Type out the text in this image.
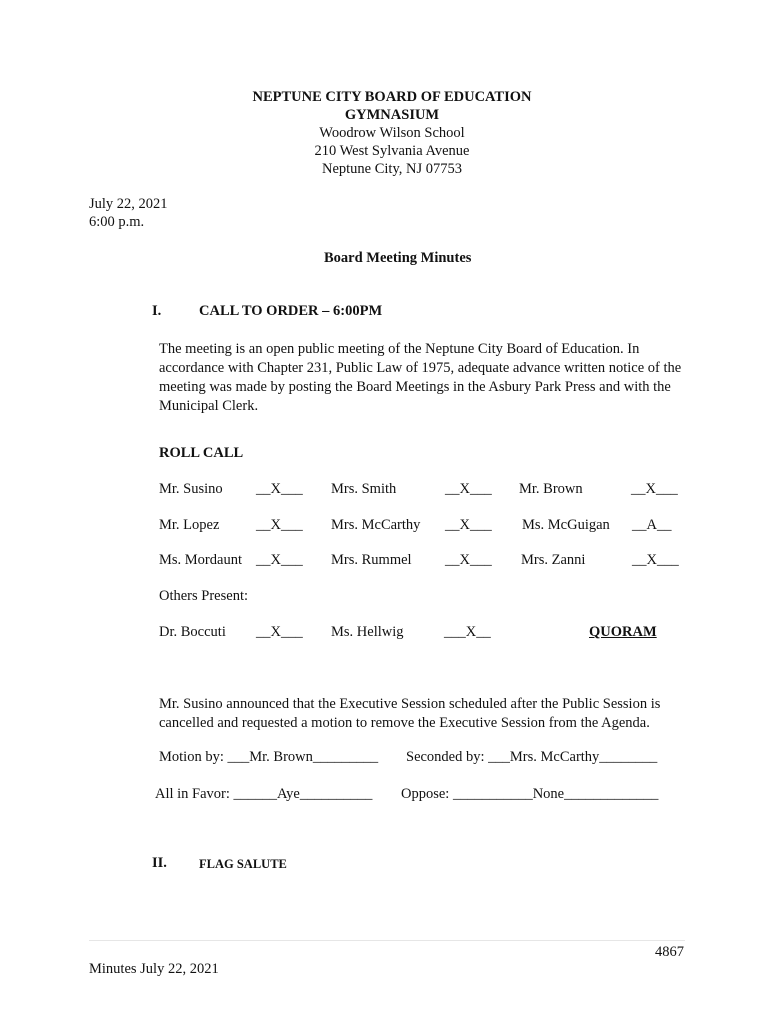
NEPTUNE CITY BOARD OF EDUCATION
GYMNASIUM
Woodrow Wilson School
210 West Sylvania Avenue
Neptune City, NJ 07753
July 22, 2021
6:00 p.m.
Board Meeting Minutes
I.	CALL TO ORDER – 6:00PM
The meeting is an open public meeting of the Neptune City Board of Education. In accordance with Chapter 231, Public Law of 1975, adequate advance written notice of the meeting was made by posting the Board Meetings in the Asbury Park Press and with the Municipal Clerk.
ROLL CALL
Mr. Susino __X___ Mrs. Smith	__X___ Mr. Brown	__X___
Mr. Lopez	__X___ Mrs. McCarthy __X___ Ms. McGuigan __A__
Ms. Mordaunt __X___ Mrs. Rummel __X___ Mrs. Zanni	__X___
Others Present:
Dr. Boccuti __X___ Ms. Hellwig	___X__	QUORAM
Mr. Susino announced that the Executive Session scheduled after the Public Session is cancelled and requested a motion to remove the Executive Session from the Agenda.
Motion by: ___Mr. Brown_________ Seconded by: ___Mrs. McCarthy________
All in Favor: ______Aye__________ Oppose: ___________None_____________
II.	FLAG SALUTE
4867
Minutes July 22, 2021
